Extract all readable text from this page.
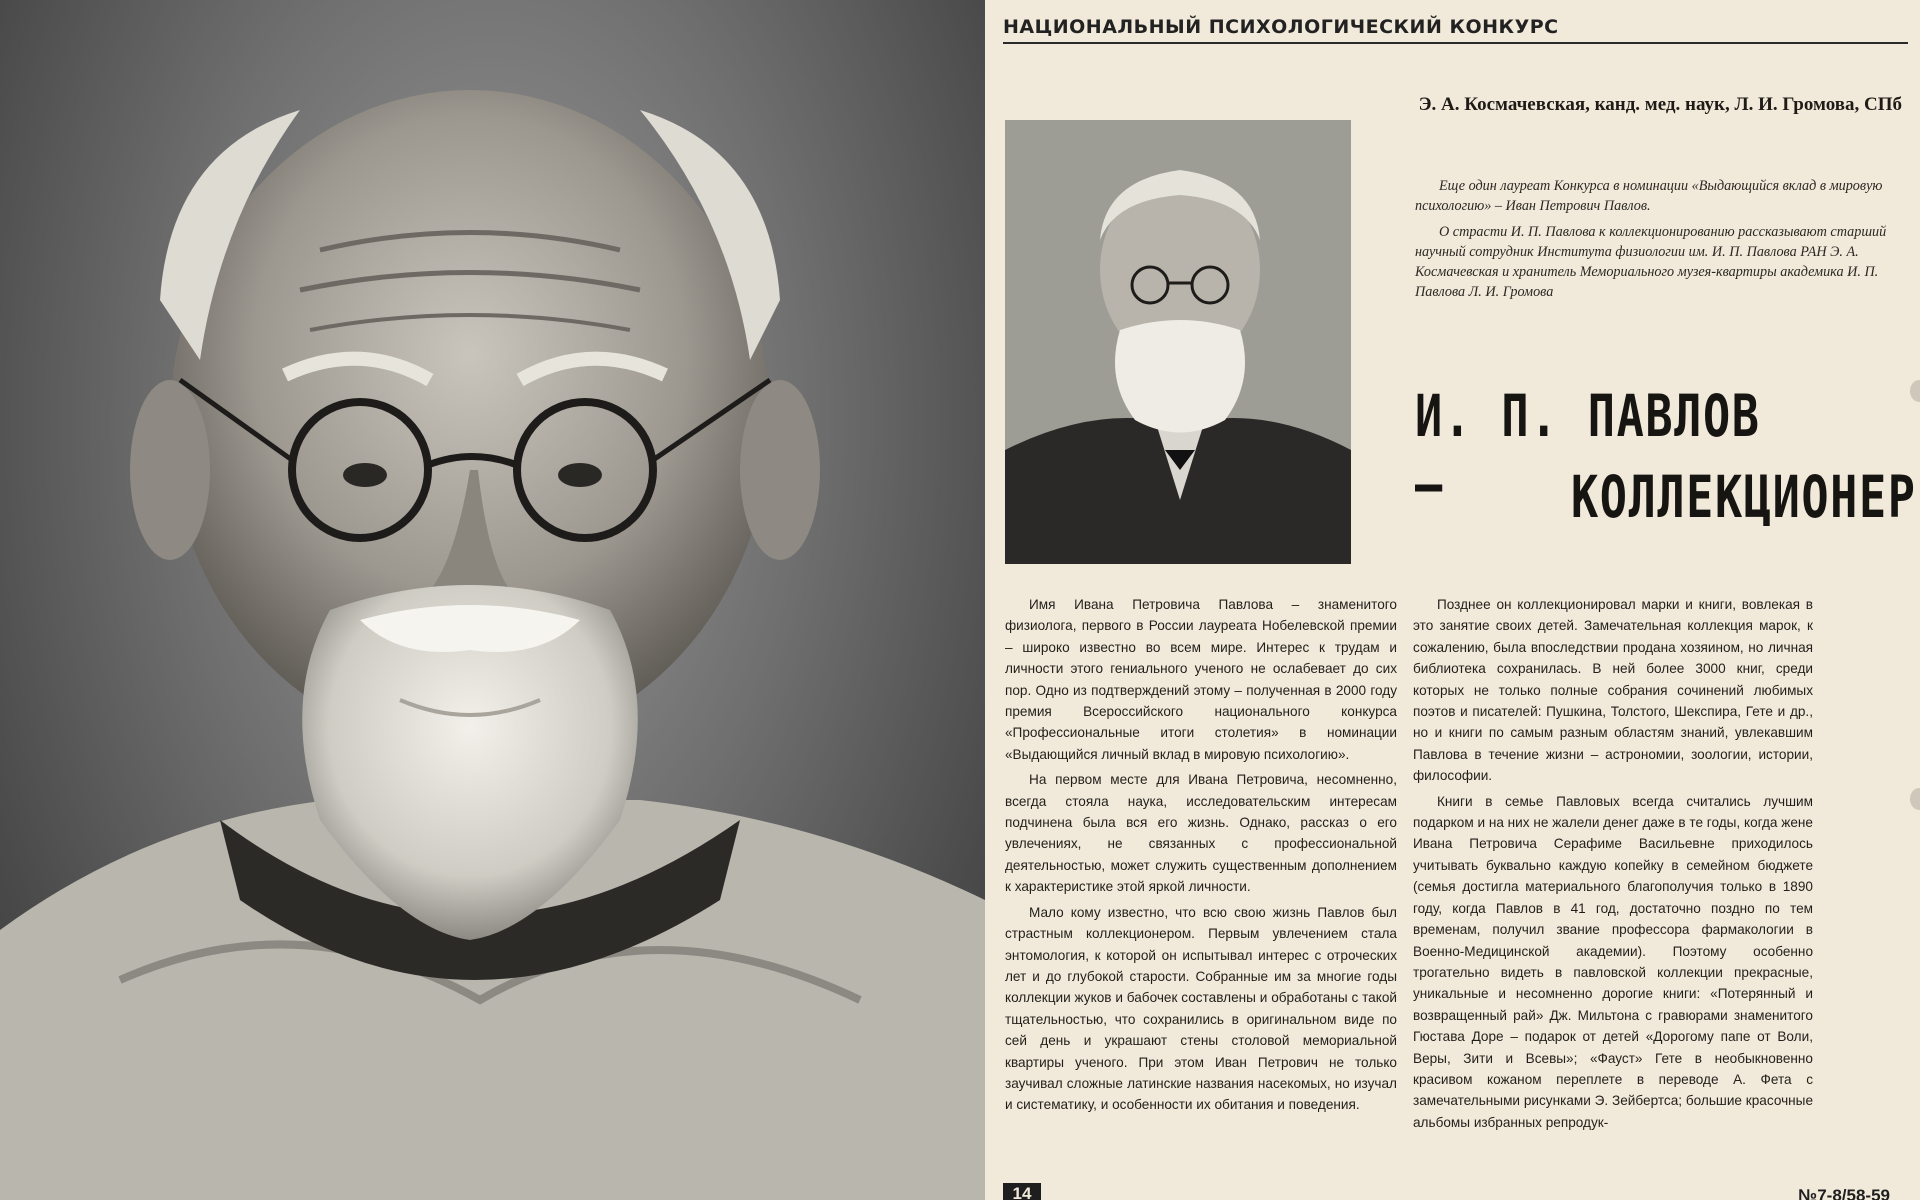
НАЦИОНАЛЬНЫЙ ПСИХОЛОГИЧЕСКИЙ КОНКУРС
Э. А. Космачевская, канд. мед. наук, Л. И. Громова, СПб

Еще один лауреат Конкурса в номинации «Выдающийся вклад в мировую психологию» – Иван Петрович Павлов.

О страсти И. П. Павлова к коллекционированию рассказывают старший научный сотрудник Института физиологии им. И. П. Павлова РАН Э. А. Космачевская и хранитель Мемориального музея-квартиры академика И. П. Павлова Л. И. Громова

И. П. ПАВЛОВ –	КОЛЛЕКЦИОНЕР

Имя Ивана Петровича Павлова – знаменитого физиолога, первого в России лауреата Нобелевской премии – широко известно во всем мире. Интерес к трудам и личности этого гениального ученого не ослабевает до сих пор. Одно из подтверждений этому – полученная в 2000 году премия Всероссийского национального конкурса «Профессиональные итоги столетия» в номинации «Выдающийся личный вклад в мировую психологию».

На первом месте для Ивана Петровича, несомненно, всегда стояла наука, исследовательским интересам подчинена была вся его жизнь. Однако, рассказ о его увлечениях, не связанных с профессиональной деятельностью, может служить существенным дополнением к характеристике этой яркой личности.

Мало кому известно, что всю свою жизнь Павлов был страстным коллекционером. Первым увлечением стала энтомология, к которой он испытывал интерес с отроческих лет и до глубокой старости. Собранные им за многие годы коллекции жуков и бабочек составлены и обработаны с такой тщательностью, что сохранились в оригинальном виде по сей день и украшают стены столовой мемориальной квартиры ученого. При этом Иван Петрович не только заучивал сложные латинские названия насекомых, но изучал и систематику, и особенности их обитания и поведения.

Позднее он коллекционировал марки и книги, вовлекая в это занятие своих детей. Замечательная коллекция марок, к сожалению, была впоследствии продана хозяином, но личная библиотека сохранилась. В ней более 3000 книг, среди которых не только полные собрания сочинений любимых поэтов и писателей: Пушкина, Толстого, Шекспира, Гете и др., но и книги по самым разным областям знаний, увлекавшим Павлова в течение жизни – астрономии, зоологии, истории, философии.

Книги в семье Павловых всегда считались лучшим подарком и на них не жалели денег даже в те годы, когда жене Ивана Петровича Серафиме Васильевне приходилось учитывать буквально каждую копейку в семейном бюджете (семья достигла материального благополучия только в 1890 году, когда Павлов в 41 год, достаточно поздно по тем временам, получил звание профессора фармакологии в Военно-Медицинской академии). Поэтому особенно трогательно видеть в павловской коллекции прекрасные, уникальные и несомненно дорогие книги: «Потерянный и возвращенный рай» Дж. Мильтона с гравюрами знаменитого Гюстава Доре – подарок от детей «Дорогому папе от Воли, Веры, Зити и Всевы»; «Фауст» Гете в необыкновенно красивом кожаном переплете в переводе А. Фета с замечательными рисунками Э. Зейбертса; большие красочные альбомы избранных репродук-

14	№7-8/58-59
